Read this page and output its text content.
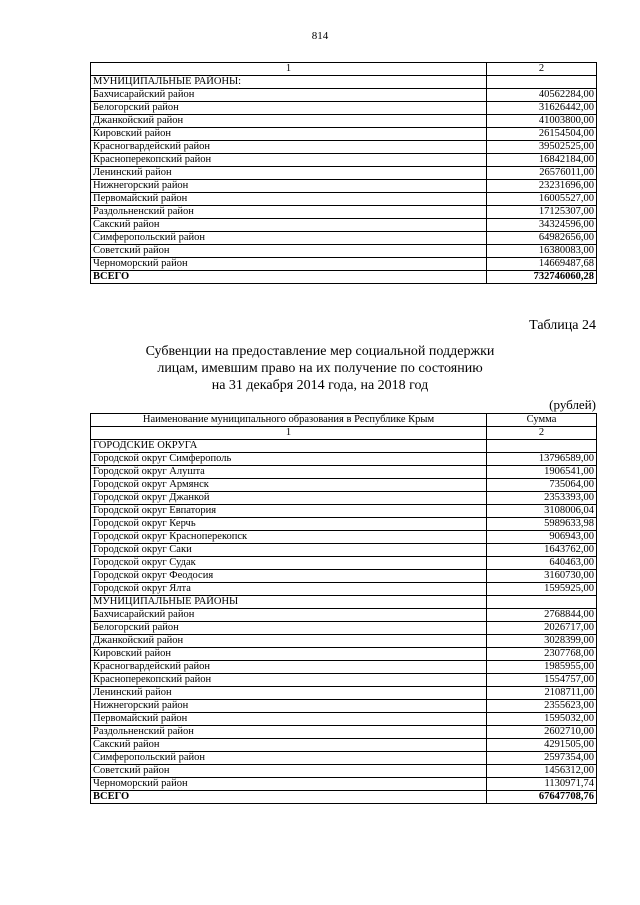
814
1	2
МУНИЦИПАЛЬНЫЕ РАЙОНЫ:	
Бахчисарайский район	40562284,00
Белогорский район	31626442,00
Джанкойский район	41003800,00
Кировский район	26154504,00
Красногвардейский район	39502525,00
Красноперекопский район	16842184,00
Ленинский район	26576011,00
Нижнегорский район	23231696,00
Первомайский район	16005527,00
Раздольненский район	17125307,00
Сакский район	34324596,00
Симферопольский район	64982656,00
Советский район	16380083,00
Черноморский район	14669487,68
ВСЕГО	732746060,28
Таблица 24
Субвенции на предоставление мер социальной поддержки
лицам, имевшим право на их получение по состоянию
на 31 декабря 2014 года, на 2018 год
(рублей)
Наименование муниципального образования в Республике Крым	Сумма
1	2
ГОРОДСКИЕ ОКРУГА	
Городской округ Симферополь	13796589,00
Городской округ Алушта	1906541,00
Городской округ Армянск	735064,00
Городской округ Джанкой	2353393,00
Городской округ Евпатория	3108006,04
Городской округ Керчь	5989633,98
Городской округ Красноперекопск	906943,00
Городской округ Саки	1643762,00
Городской округ Судак	640463,00
Городской округ Феодосия	3160730,00
Городской округ Ялта	1595925,00
МУНИЦИПАЛЬНЫЕ РАЙОНЫ	
Бахчисарайский район	2768844,00
Белогорский район	2026717,00
Джанкойский район	3028399,00
Кировский район	2307768,00
Красногвардейский район	1985955,00
Красноперекопский район	1554757,00
Ленинский район	2108711,00
Нижнегорский район	2355623,00
Первомайский район	1595032,00
Раздольненский район	2602710,00
Сакский район	4291505,00
Симферопольский район	2597354,00
Советский район	1456312,00
Черноморский район	1130971,74
ВСЕГО	67647708,76
